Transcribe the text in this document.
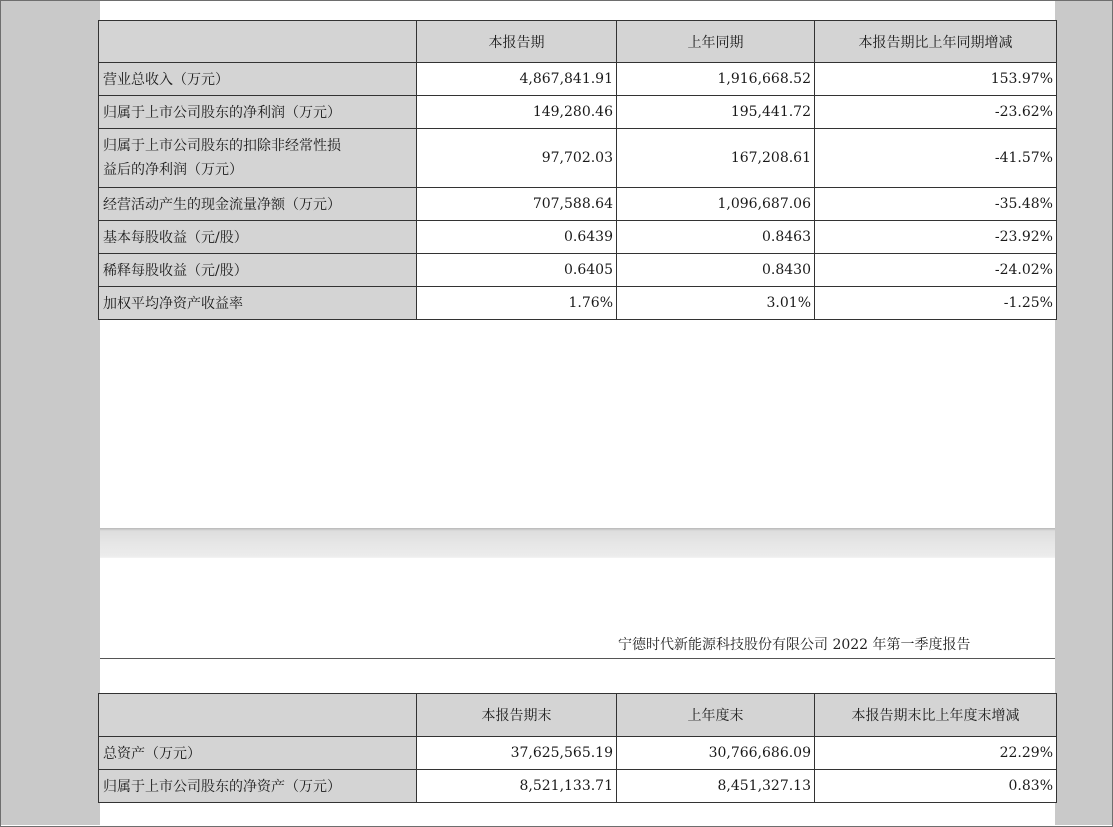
	本报告期	上年同期	本报告期比上年同期增减
营业总收入（万元）	4,867,841.91	1,916,668.52	153.97%
归属于上市公司股东的净利润（万元）	149,280.46	195,441.72	-23.62%

归属于上市公司股东的扣除非经常性损
益后的净利润（万元）	97,702.03	167,208.61	-41.57%
经营活动产生的现金流量净额（万元）	707,588.64	1,096,687.06	-35.48%
基本每股收益（元/股）	0.6439	0.8463	-23.92%
稀释每股收益（元/股）	0.6405	0.8430	-24.02%
加权平均净资产收益率	1.76%	3.01%	-1.25%
宁德时代新能源科技股份有限公司 2022 年第一季度报告
	本报告期末	上年度末	本报告期末比上年度末增减
总资产（万元）	37,625,565.19	30,766,686.09	22.29%
归属于上市公司股东的净资产（万元）	8,521,133.71	8,451,327.13	0.83%
